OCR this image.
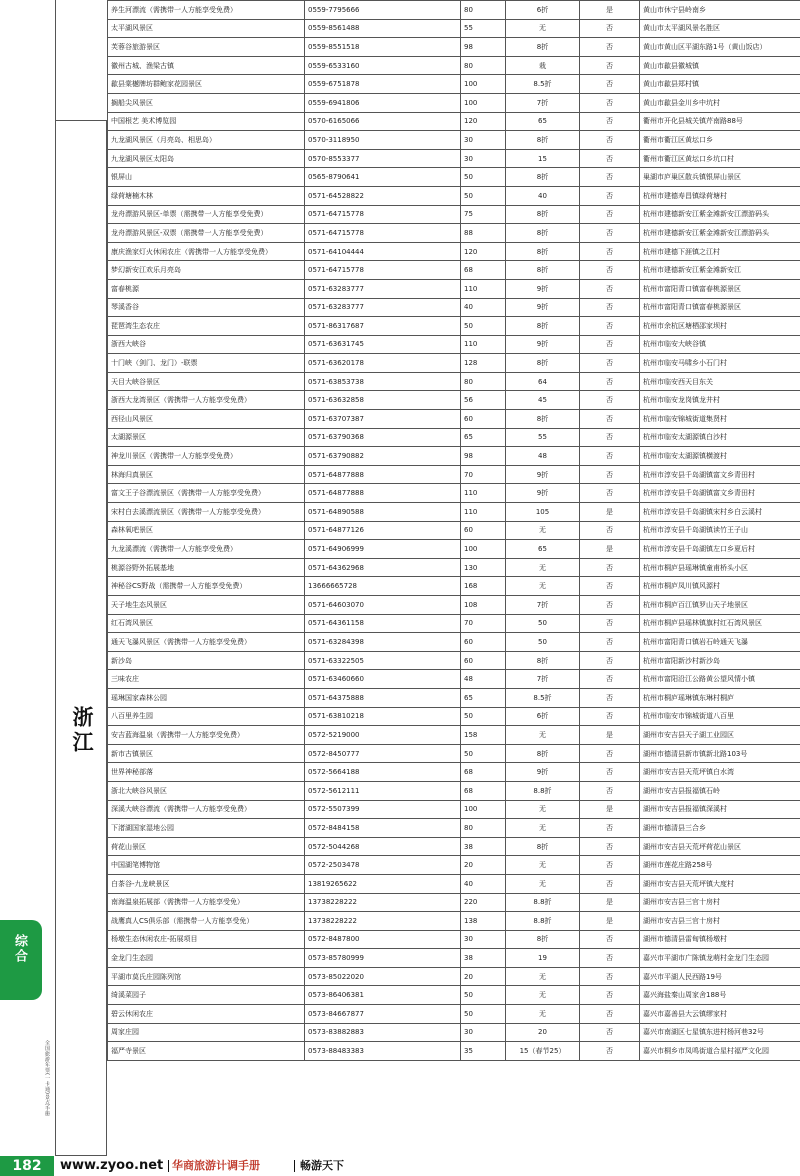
浙江
养生河漂流（需携带一人方能享受免费）	0559-7795666	80	6折	是	黄山市休宁县岭南乡
太平湖风景区	0559-8561488	55	无	否	黄山市太平湖风景名胜区
芙蓉谷旅游景区	0559-8551518	98	8折	否	黄山市黄山区平湖东路1号（黄山饭店）
徽州古城、渔梁古镇	0559-6533160	80	栽	否	黄山市歙县徽城镇
歙县棠樾牌坊群鲍家花园景区	0559-6751878	100	8.5折	否	黄山市歙县郑村镇
搁船尖风景区	0559-6941806	100	7折	否	黄山市歙县金川乡中坑村
中国根艺 美术博览园	0570-6165066	120	65	否	衢州市开化县城关镇芹南路88号
九龙湖风景区（月亮岛、相思岛）	0570-3118950	30	8折	否	衢州市衢江区黄坛口乡
九龙湖风景区太阳岛	0570-8553377	30	15	否	衢州市衢江区黄坛口乡坑口村
银屏山	0565-8790641	50	8折	否	巢湖市庐巢区散兵镇银屏山景区
绿荷塘楠木林	0571-64528822	50	40	否	杭州市建德寿昌镇绿荷塘村
龙舟漂游风景区-单票（需携带一人方能享受免费）	0571-64715778	75	8折	否	杭州市建德新安江紫金滩新安江漂游码头
龙舟漂游风景区-双票（需携带一人方能享受免费）	0571-64715778	88	8折	否	杭州市建德新安江紫金滩新安江漂游码头
康庆渔家灯火休闲农庄（需携带一人方能享受免费）	0571-64104444	120	8折	否	杭州市建德下涯镇之江村
梦幻新安江欢乐月亮岛	0571-64715778	68	8折	否	杭州市建德新安江紫金滩新安江
富春桃源	0571-63283777	110	9折	否	杭州市富阳青口镇富春桃源景区
琴溪香谷	0571-63283777	40	9折	否	杭州市富阳青口镇富春桃源景区
琵琶湾生态农庄	0571-86317687	50	8折	否	杭州市余杭区塘栖邵家坝村
浙西大峡谷	0571-63631745	110	9折	否	杭州市临安大峡谷镇
十门峡（剑门、龙门）-联票	0571-63620178	128	8折	否	杭州市临安马啸乡小石门村
天目大峡谷景区	0571-63853738	80	64	否	杭州市临安西天目东关
浙西大龙湾景区（需携带一人方能享受免费）	0571-63632858	56	45	否	杭州市临安龙岗镇龙井村
西径山风景区	0571-63707387	60	8折	否	杭州市临安锦城街道集贤村
太湖源景区	0571-63790368	65	55	否	杭州市临安太湖源镇白沙村
神龙川景区（需携带一人方能享受免费）	0571-63790882	98	48	否	杭州市临安太湖源镇横渡村
林海归真景区	0571-64877888	70	9折	否	杭州市淳安县千岛湖镇富文乡青田村
富文王子谷漂流景区（需携带一人方能享受免费）	0571-64877888	110	9折	否	杭州市淳安县千岛湖镇富文乡青田村
宋村白去溪漂流景区（需携带一人方能享受免费）	0571-64890588	110	105	是	杭州市淳安县千岛湖镇宋村乡白云溪村
森林氧吧景区	0571-64877126	60	无	否	杭州市淳安县千岛湖镇读竹王子山
九龙溪漂流（需携带一人方能享受免费）	0571-64906999	100	65	是	杭州市淳安县千岛湖镇左口乡夏后村
桃源谷野外拓展基地	0571-64362968	130	无	否	杭州市桐庐县瑶琳镇童甫桥头小区
神秘谷CS野战（需携带一人方能享受免费）	13666665728	168	无	否	杭州市桐庐凤川镇风源村
天子地生态风景区	0571-64603070	108	7折	否	杭州市桐庐百江镇罗山天子地景区
红石湾风景区	0571-64361158	70	50	否	杭州市桐庐县瑶林镇旗村红石湾风景区
通天飞瀑风景区（需携带一人方能享受免费）	0571-63284398	60	50	否	杭州市富阳青口镇岩石岭通天飞瀑
新沙岛	0571-63322505	60	8折	否	杭州市富阳新沙村新沙岛
三味农庄	0571-63460660	48	7折	否	杭州市富阳沿江公路黄公望风情小镇
瑶琳国家森林公园	0571-64375888	65	8.5折	否	杭州市桐庐瑶琳镇东琳村桐庐
八百里养生园	0571-63810218	50	6折	否	杭州市临安市锦城街道八百里
安吉蓝海温泉（需携带一人方能享受免费）	0572-5219000	158	无	是	湖州市安吉县天子湖工业园区
新市古镇景区	0572-8450777	50	8折	否	湖州市德清县新市镇新北路103号
世界神秘部落	0572-5664188	68	9折	否	湖州市安吉县天荒坪镇白水湾
浙北大峡谷风景区	0572-5612111	68	8.8折	否	湖州市安吉县报福镇石岭
深溪大峡谷漂流（需携带一人方能享受免费）	0572-5507399	100	无	是	湖州市安吉县报福镇深溪村
下渚湖国家湿地公园	0572-8484158	80	无	否	湖州市德清县三合乡
荷花山景区	0572-5044268	38	8折	否	湖州市安吉县天荒坪荷花山景区
中国湖笔博物馆	0572-2503478	20	无	否	湖州市莲花庄路258号
白茶谷-九龙峡景区	13819265622	40	无	否	湖州市安吉县天荒坪镇大度村
南海温泉拓展部（需携带一人方能享受免）	13738228222	220	8.8折	是	湖州市安吉县三官十房村
战鹰真人CS俱乐部（需携带一人方能享受免）	13738228222	138	8.8折	是	湖州市安吉县三官十房村
杨墩生态休闲农庄-拓展项目	0572-8487800	30	8折	否	湖州市德清县雷甸镇杨墩村
金龙门生态园	0573-85780999	38	19	否	嘉兴市平湖市广陈镇龙萌村金龙门生态园
平湖市莫氏庄园陈列馆	0573-85022020	20	无	否	嘉兴市平湖人民西路19号
绮溪菜园子	0573-86406381	50	无	否	嘉兴海盐秦山周家舍188号
碧云休闲农庄	0573-84667877	50	无	否	嘉兴市嘉善县大云镇缪家村
周家庄园	0573-83882883	30	20	否	嘉兴市南湖区七星镇东进村杨河巷32号
福严寺景区	0573-88483383	35	15（春节25）	否	嘉兴市桐乡市凤鸣街道合星村福严文化园
综合
全国旅游年票(一卡通)景点手册
182	www.zyoo.net 华商旅游计调手册	畅游天下
